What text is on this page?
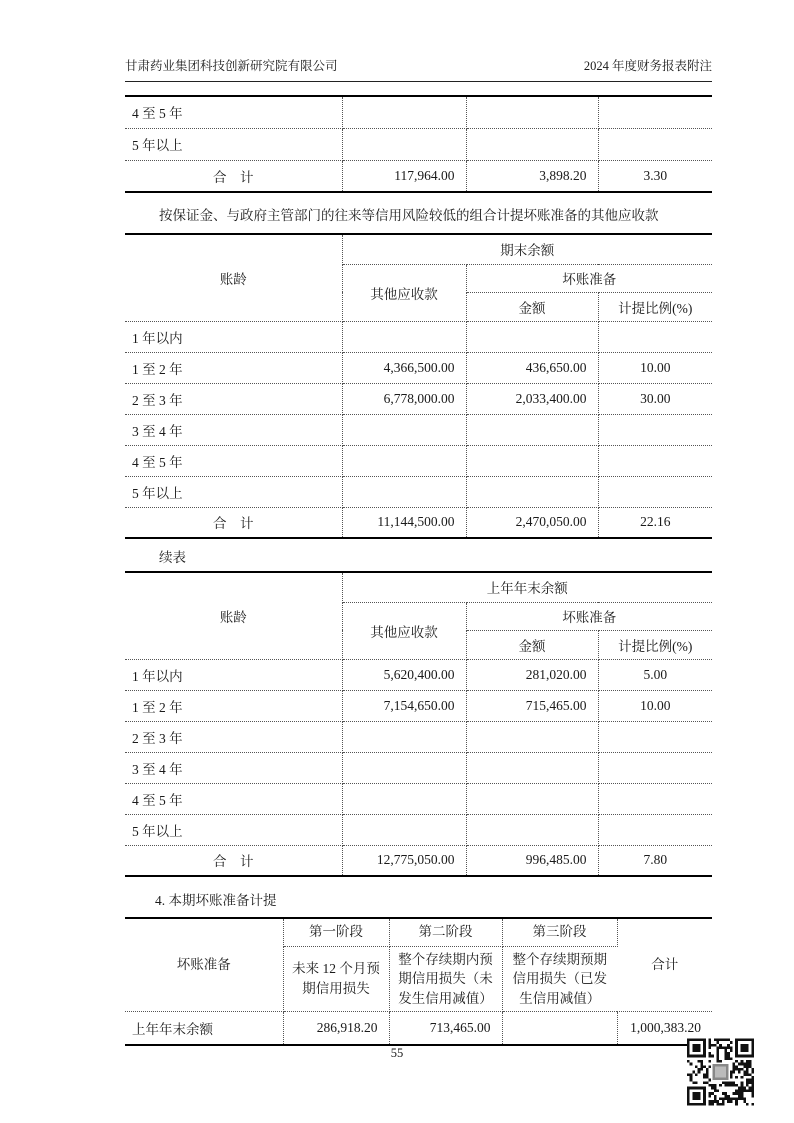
甘肃药业集团科技创新研究院有限公司	2024 年度财务报表附注
4 至 5 年			
5 年以上			
合　计	117,964.00	3,898.20	3.30
按保证金、与政府主管部门的往来等信用风险较低的组合计提坏账准备的其他应收款
账龄	期末余额		
	其他应收款	坏账准备	
		金额	计提比例(%)
1 年以内			
1 至 2 年	4,366,500.00	436,650.00	10.00
2 至 3 年	6,778,000.00	2,033,400.00	30.00
3 至 4 年			
4 至 5 年			
5 年以上			
合　计	11,144,500.00	2,470,050.00	22.16
续表
账龄	上年年末余额		
	其他应收款	坏账准备	
		金额	计提比例(%)
1 年以内	5,620,400.00	281,020.00	5.00
1 至 2 年	7,154,650.00	715,465.00	10.00
2 至 3 年			
3 至 4 年			
4 至 5 年			
5 年以上			
合　计	12,775,050.00	996,485.00	7.80
4. 本期坏账准备计提
坏账准备	第一阶段	第二阶段	第三阶段	合计
	未来 12 个月预期信用损失	整个存续期内预期信用损失（未发生信用减值）	整个存续期预期信用损失（已发生信用减值）	
上年年末余额	286,918.20	713,465.00		1,000,383.20
55
